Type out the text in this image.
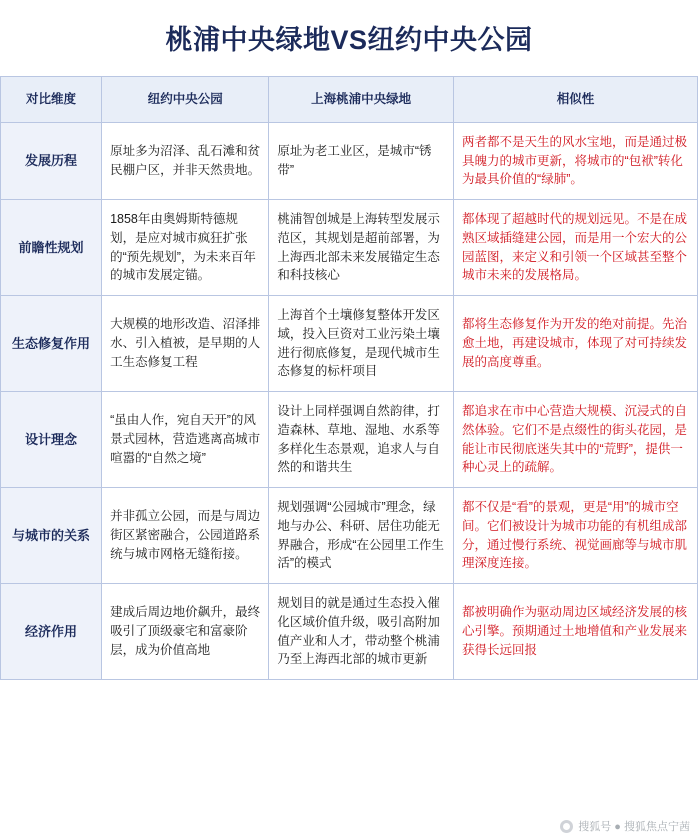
桃浦中央绿地VS纽约中央公园
对比维度	纽约中央公园	上海桃浦中央绿地	相似性
发展历程	原址多为沼泽、乱石滩和贫民棚户区，并非天然贵地。	原址为老工业区，是城市“锈带”	两者都不是天生的风水宝地，而是通过极具魄力的城市更新，将城市的“包袱”转化为最具价值的“绿肺”。
前瞻性规划	1858年由奥姆斯特德规划，是应对城市疯狂扩张的“预先规划”，为未来百年的城市发展定锚。	桃浦智创城是上海转型发展示范区，其规划是超前部署，为上海西北部未来发展锚定生态和科技核心	都体现了超越时代的规划远见。不是在成熟区域插缝建公园，而是用一个宏大的公园蓝图，来定义和引领一个区域甚至整个城市未来的发展格局。
生态修复作用	大规模的地形改造、沼泽排水、引入植被，是早期的人工生态修复工程	上海首个土壤修复整体开发区域，投入巨资对工业污染土壤进行彻底修复，是现代城市生态修复的标杆项目	都将生态修复作为开发的绝对前提。先治愈土地，再建设城市，体现了对可持续发展的高度尊重。
设计理念	“虽由人作，宛自天开”的风景式园林，营造逃离高城市喧嚣的“自然之境”	设计上同样强调自然韵律，打造森林、草地、湿地、水系等多样化生态景观，追求人与自然的和谐共生	都追求在市中心营造大规模、沉浸式的自然体验。它们不是点缀性的街头花园，是能让市民彻底迷失其中的“荒野”，提供一种心灵上的疏解。
与城市的关系	并非孤立公园，而是与周边街区紧密融合，公园道路系统与城市网格无缝衔接。	规划强调“公园城市”理念，绿地与办公、科研、居住功能无界融合，形成“在公园里工作生活”的模式	都不仅是“看”的景观，更是“用”的城市空间。它们被设计为城市功能的有机组成部分，通过慢行系统、视觉画廊等与城市肌理深度连接。
经济作用	建成后周边地价飙升，最终吸引了顶级豪宅和富豪阶层，成为价值高地	规划目的就是通过生态投入催化区域价值升级，吸引高附加值产业和人才，带动整个桃浦乃至上海西北部的城市更新	都被明确作为驱动周边区域经济发展的核心引擎。预期通过土地增值和产业发展来获得长远回报
搜狐号 ● 搜狐焦点宁茜
